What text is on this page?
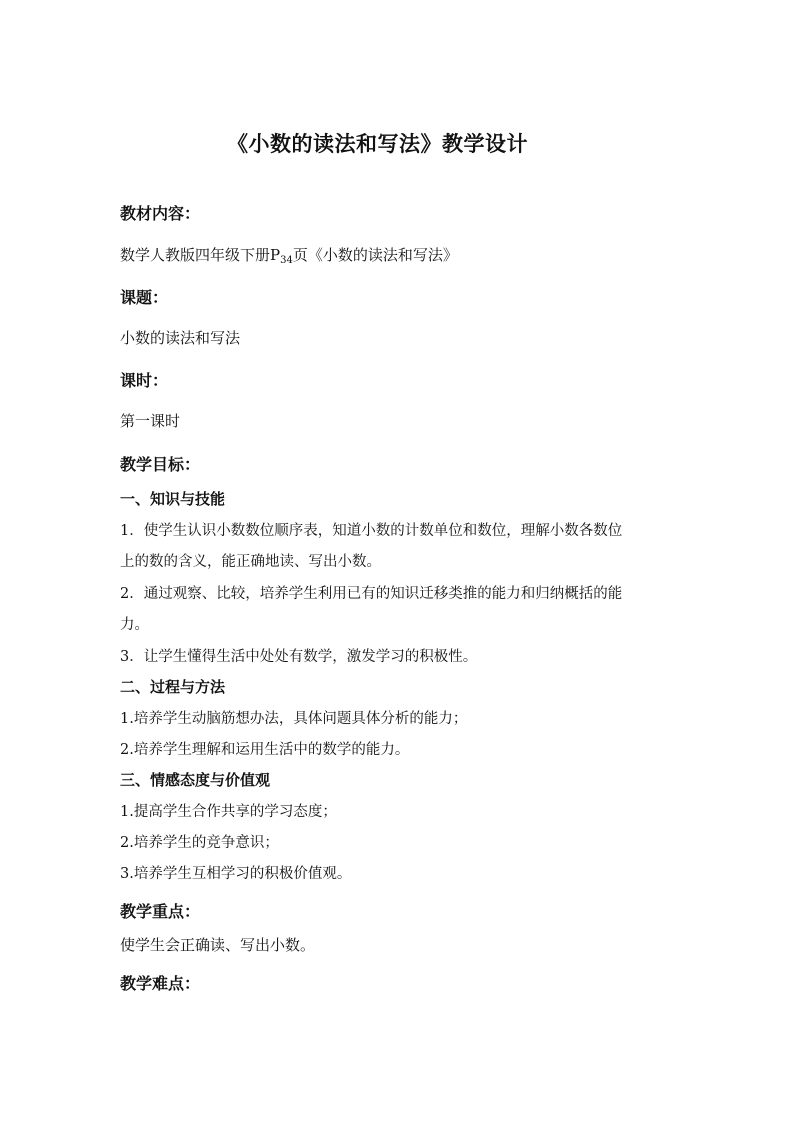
《小数的读法和写法》教学设计
教材内容：
数学人教版四年级下册$P_{34}$页《小数的读法和写法》
课题：
小数的读法和写法
课时：
第一课时
教学目标：
一、知识与技能
1．使学生认识小数数位顺序表，知道小数的计数单位和数位，理解小数各数位
上的数的含义，能正确地读、写出小数。
2．通过观察、比较，培养学生利用已有的知识迁移类推的能力和归纳概括的能
力。
3．让学生懂得生活中处处有数学，激发学习的积极性。
二、过程与方法
1.培养学生动脑筋想办法，具体问题具体分析的能力；
2.培养学生理解和运用生活中的数学的能力。
三、情感态度与价值观
1.提高学生合作共享的学习态度；
2.培养学生的竞争意识；
3.培养学生互相学习的积极价值观。
教学重点：
使学生会正确读、写出小数。
教学难点：
